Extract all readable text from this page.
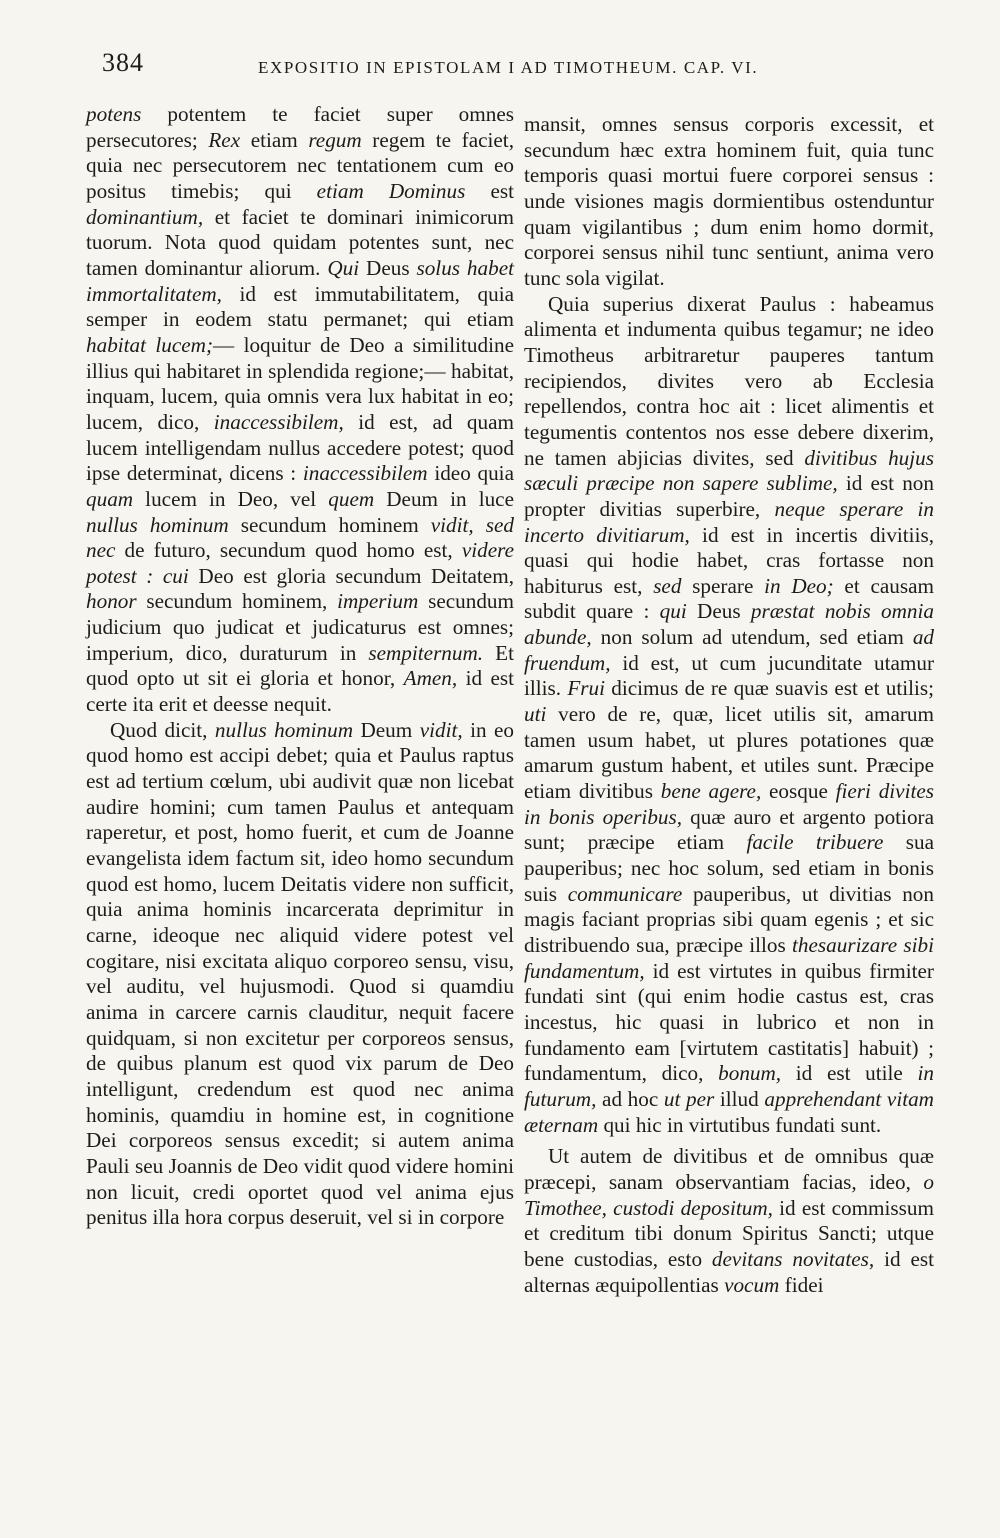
384	EXPOSITIO IN EPISTOLAM I AD TIMOTHEUM. CAP. VI.

potens potentem te faciet super omnes persecutores; Rex etiam regum regem te faciet, quia nec persecutorem nec tentationem cum eo positus timebis; qui etiam Dominus est dominantium, et faciet te dominari inimicorum tuorum. Nota quod quidam potentes sunt, nec tamen dominantur aliorum. Qui Deus solus habet immortalitatem, id est immutabilitatem, quia semper in eodem statu permanet; qui etiam habitat lucem;— loquitur de Deo a similitudine illius qui habitaret in splendida regione;— habitat, inquam, lucem, quia omnis vera lux habitat in eo; lucem, dico, inaccessibilem, id est, ad quam lucem intelligendam nullus accedere potest; quod ipse determinat, dicens : inaccessibilem ideo quia quam lucem in Deo, vel quem Deum in luce nullus hominum secundum hominem vidit, sed nec de futuro, secundum quod homo est, videre potest : cui Deo est gloria secundum Deitatem, honor secundum hominem, imperium secundum judicium quo judicat et judicaturus est omnes; imperium, dico, duraturum in sempiternum. Et quod opto ut sit ei gloria et honor, Amen, id est certe ita erit et deesse nequit.

Quod dicit, nullus hominum Deum vidit, in eo quod homo est accipi debet; quia et Paulus raptus est ad tertium cœlum, ubi audivit quæ non licebat audire homini; cum tamen Paulus et antequam raperetur, et post, homo fuerit, et cum de Joanne evangelista idem factum sit, ideo homo secundum quod est homo, lucem Deitatis videre non sufficit, quia anima hominis incarcerata deprimitur in carne, ideoque nec aliquid videre potest vel cogitare, nisi excitata aliquo corporeo sensu, visu, vel auditu, vel hujusmodi. Quod si quamdiu anima in carcere carnis clauditur, nequit facere quidquam, si non excitetur per corporeos sensus, de quibus planum est quod vix parum de Deo intelligunt, credendum est quod nec anima hominis, quamdiu in homine est, in cognitione Dei corporeos sensus excedit; si autem anima Pauli seu Joannis de Deo vidit quod videre homini non licuit, credi oportet quod vel anima ejus penitus illa hora corpus deseruit, vel si in corpore

mansit, omnes sensus corporis excessit, et secundum hæc extra hominem fuit, quia tunc temporis quasi mortui fuere corporei sensus : unde visiones magis dormientibus ostenduntur quam vigilantibus ; dum enim homo dormit, corporei sensus nihil tunc sentiunt, anima vero tunc sola vigilat.

Quia superius dixerat Paulus : habeamus alimenta et indumenta quibus tegamur; ne ideo Timotheus arbitraretur pauperes tantum recipiendos, divites vero ab Ecclesia repellendos, contra hoc ait : licet alimentis et tegumentis contentos nos esse debere dixerim, ne tamen abjicias divites, sed divitibus hujus sæculi præcipe non sapere sublime, id est non propter divitias superbire, neque sperare in incerto divitiarum, id est in incertis divitiis, quasi qui hodie habet, cras fortasse non habiturus est, sed sperare in Deo; et causam subdit quare : qui Deus præstat nobis omnia abunde, non solum ad utendum, sed etiam ad fruendum, id est, ut cum jucunditate utamur illis. Frui dicimus de re quæ suavis est et utilis; uti vero de re, quæ, licet utilis sit, amarum tamen usum habet, ut plures potationes quæ amarum gustum habent, et utiles sunt. Præcipe etiam divitibus bene agere, eosque fieri divites in bonis operibus, quæ auro et argento potiora sunt; præcipe etiam facile tribuere sua pauperibus; nec hoc solum, sed etiam in bonis suis communicare pauperibus, ut divitias non magis faciant proprias sibi quam egenis ; et sic distribuendo sua, præcipe illos thesaurizare sibi fundamentum, id est virtutes in quibus firmiter fundati sint (qui enim hodie castus est, cras incestus, hic quasi in lubrico et non in fundamento eam [virtutem castitatis] habuit) ; fundamentum, dico, bonum, id est utile in futurum, ad hoc ut per illud apprehendant vitam æternam qui hic in virtutibus fundati sunt.

Ut autem de divitibus et de omnibus quæ præcepi, sanam observantiam facias, ideo, o Timothee, custodi depositum, id est commissum et creditum tibi donum Spiritus Sancti; utque bene custodias, esto devitans novitates, id est alternas æquipollentias vocum fidei
